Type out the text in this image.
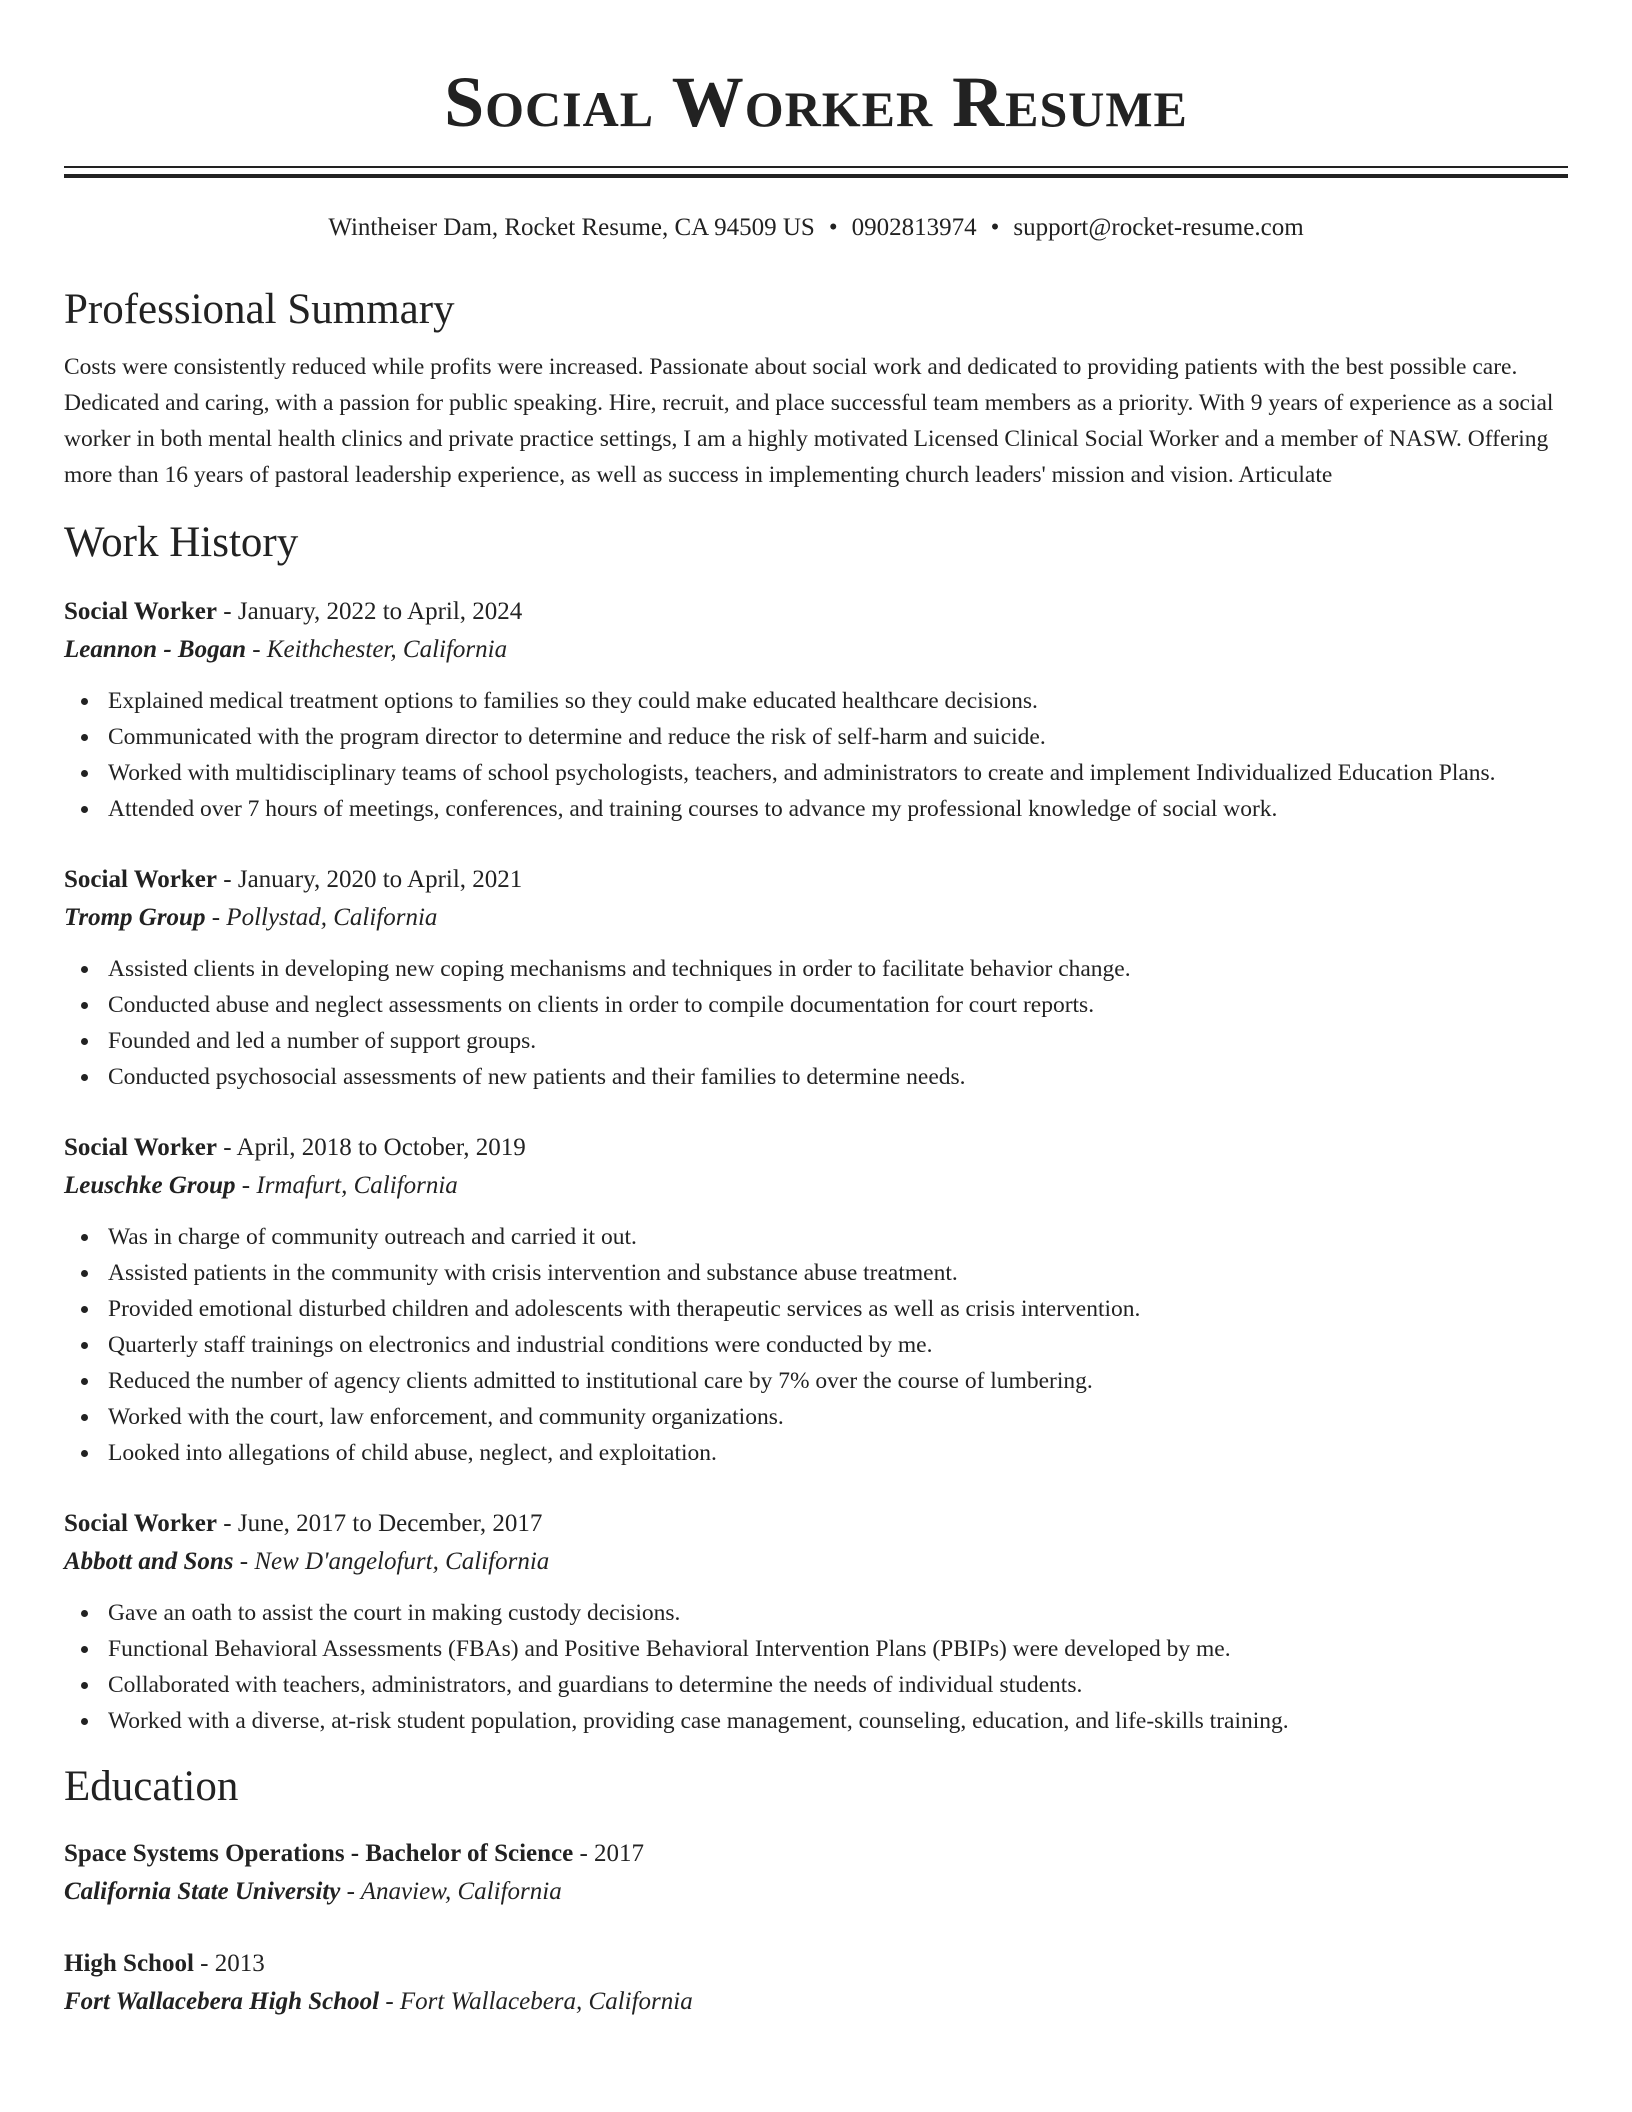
Social Worker Resume
Wintheiser Dam, Rocket Resume, CA 94509 US • 0902813974 • support@rocket-resume.com
Professional Summary

Costs were consistently reduced while profits were increased. Passionate about social work and dedicated to providing patients with the best possible care. Dedicated and caring, with a passion for public speaking. Hire, recruit, and place successful team members as a priority. With 9 years of experience as a social worker in both mental health clinics and private practice settings, I am a highly motivated Licensed Clinical Social Worker and a member of NASW. Offering more than 16 years of pastoral leadership experience, as well as success in implementing church leaders' mission and vision. Articulate

Work History
Social Worker - January, 2022 to April, 2024
Leannon - Bogan - Keithchester, California
Explained medical treatment options to families so they could make educated healthcare decisions.
Communicated with the program director to determine and reduce the risk of self-harm and suicide.
Worked with multidisciplinary teams of school psychologists, teachers, and administrators to create and implement Individualized Education Plans.
Attended over 7 hours of meetings, conferences, and training courses to advance my professional knowledge of social work.
Social Worker - January, 2020 to April, 2021
Tromp Group - Pollystad, California
Assisted clients in developing new coping mechanisms and techniques in order to facilitate behavior change.
Conducted abuse and neglect assessments on clients in order to compile documentation for court reports.
Founded and led a number of support groups.
Conducted psychosocial assessments of new patients and their families to determine needs.
Social Worker - April, 2018 to October, 2019
Leuschke Group - Irmafurt, California
Was in charge of community outreach and carried it out.
Assisted patients in the community with crisis intervention and substance abuse treatment.
Provided emotional disturbed children and adolescents with therapeutic services as well as crisis intervention.
Quarterly staff trainings on electronics and industrial conditions were conducted by me.
Reduced the number of agency clients admitted to institutional care by 7% over the course of lumbering.
Worked with the court, law enforcement, and community organizations.
Looked into allegations of child abuse, neglect, and exploitation.
Social Worker - June, 2017 to December, 2017
Abbott and Sons - New D'angelofurt, California
Gave an oath to assist the court in making custody decisions.
Functional Behavioral Assessments (FBAs) and Positive Behavioral Intervention Plans (PBIPs) were developed by me.
Collaborated with teachers, administrators, and guardians to determine the needs of individual students.
Worked with a diverse, at-risk student population, providing case management, counseling, education, and life-skills training.
Education
Space Systems Operations - Bachelor of Science - 2017
California State University - Anaview, California
High School - 2013
Fort Wallacebera High School - Fort Wallacebera, California
